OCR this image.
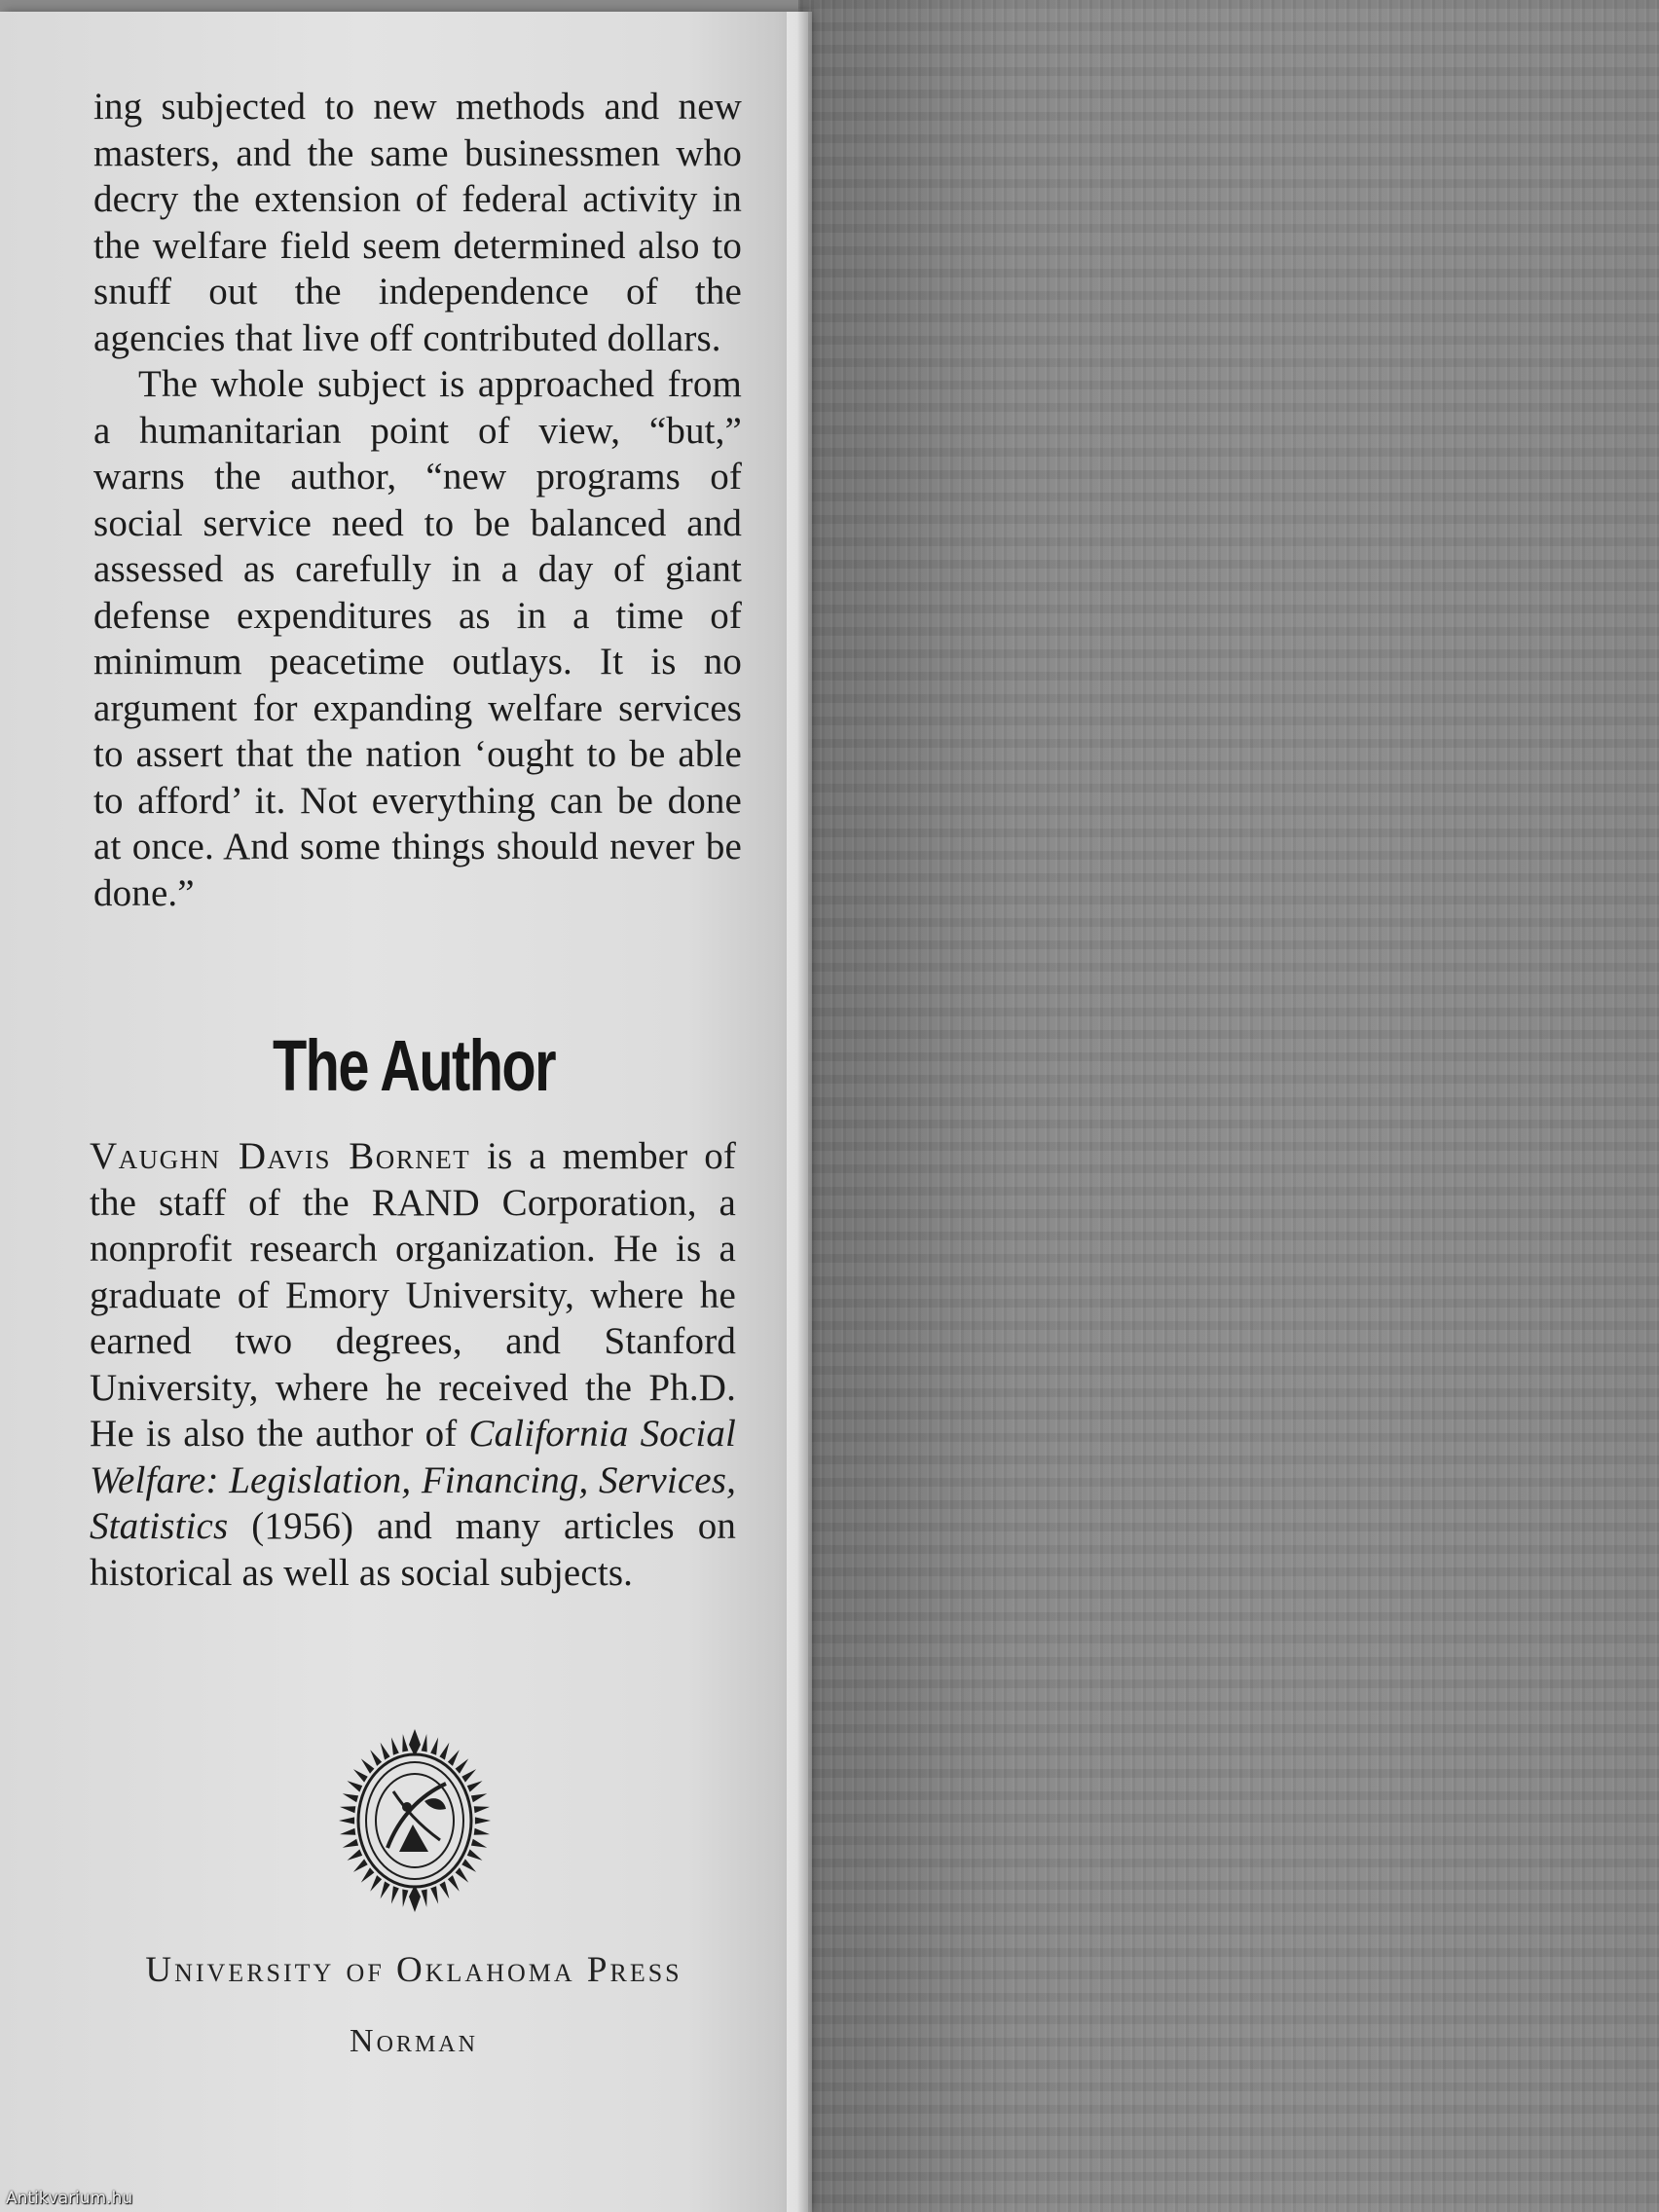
ing subjected to new methods and new masters, and the same businessmen who decry the extension of federal activity in the welfare field seem determined also to snuff out the independence of the agencies that live off contributed dollars.

The whole subject is approached from a humanitarian point of view, “but,” warns the author, “new programs of social service need to be balanced and assessed as carefully in a day of giant defense expenditures as in a time of minimum peacetime outlays. It is no argument for expanding welfare services to assert that the nation ‘ought to be able to afford’ it. Not everything can be done at once. And some things should never be done.”

The Author

Vaughn Davis Bornet is a member of the staff of the RAND Corporation, a nonprofit research organization. He is a graduate of Emory University, where he earned two degrees, and Stanford University, where he received the Ph.D. He is also the author of California Social Welfare: Legislation, Financing, Services, Statistics (1956) and many articles on historical as well as social subjects.

University of Oklahoma Press
Norman
Antikvarium.hu
